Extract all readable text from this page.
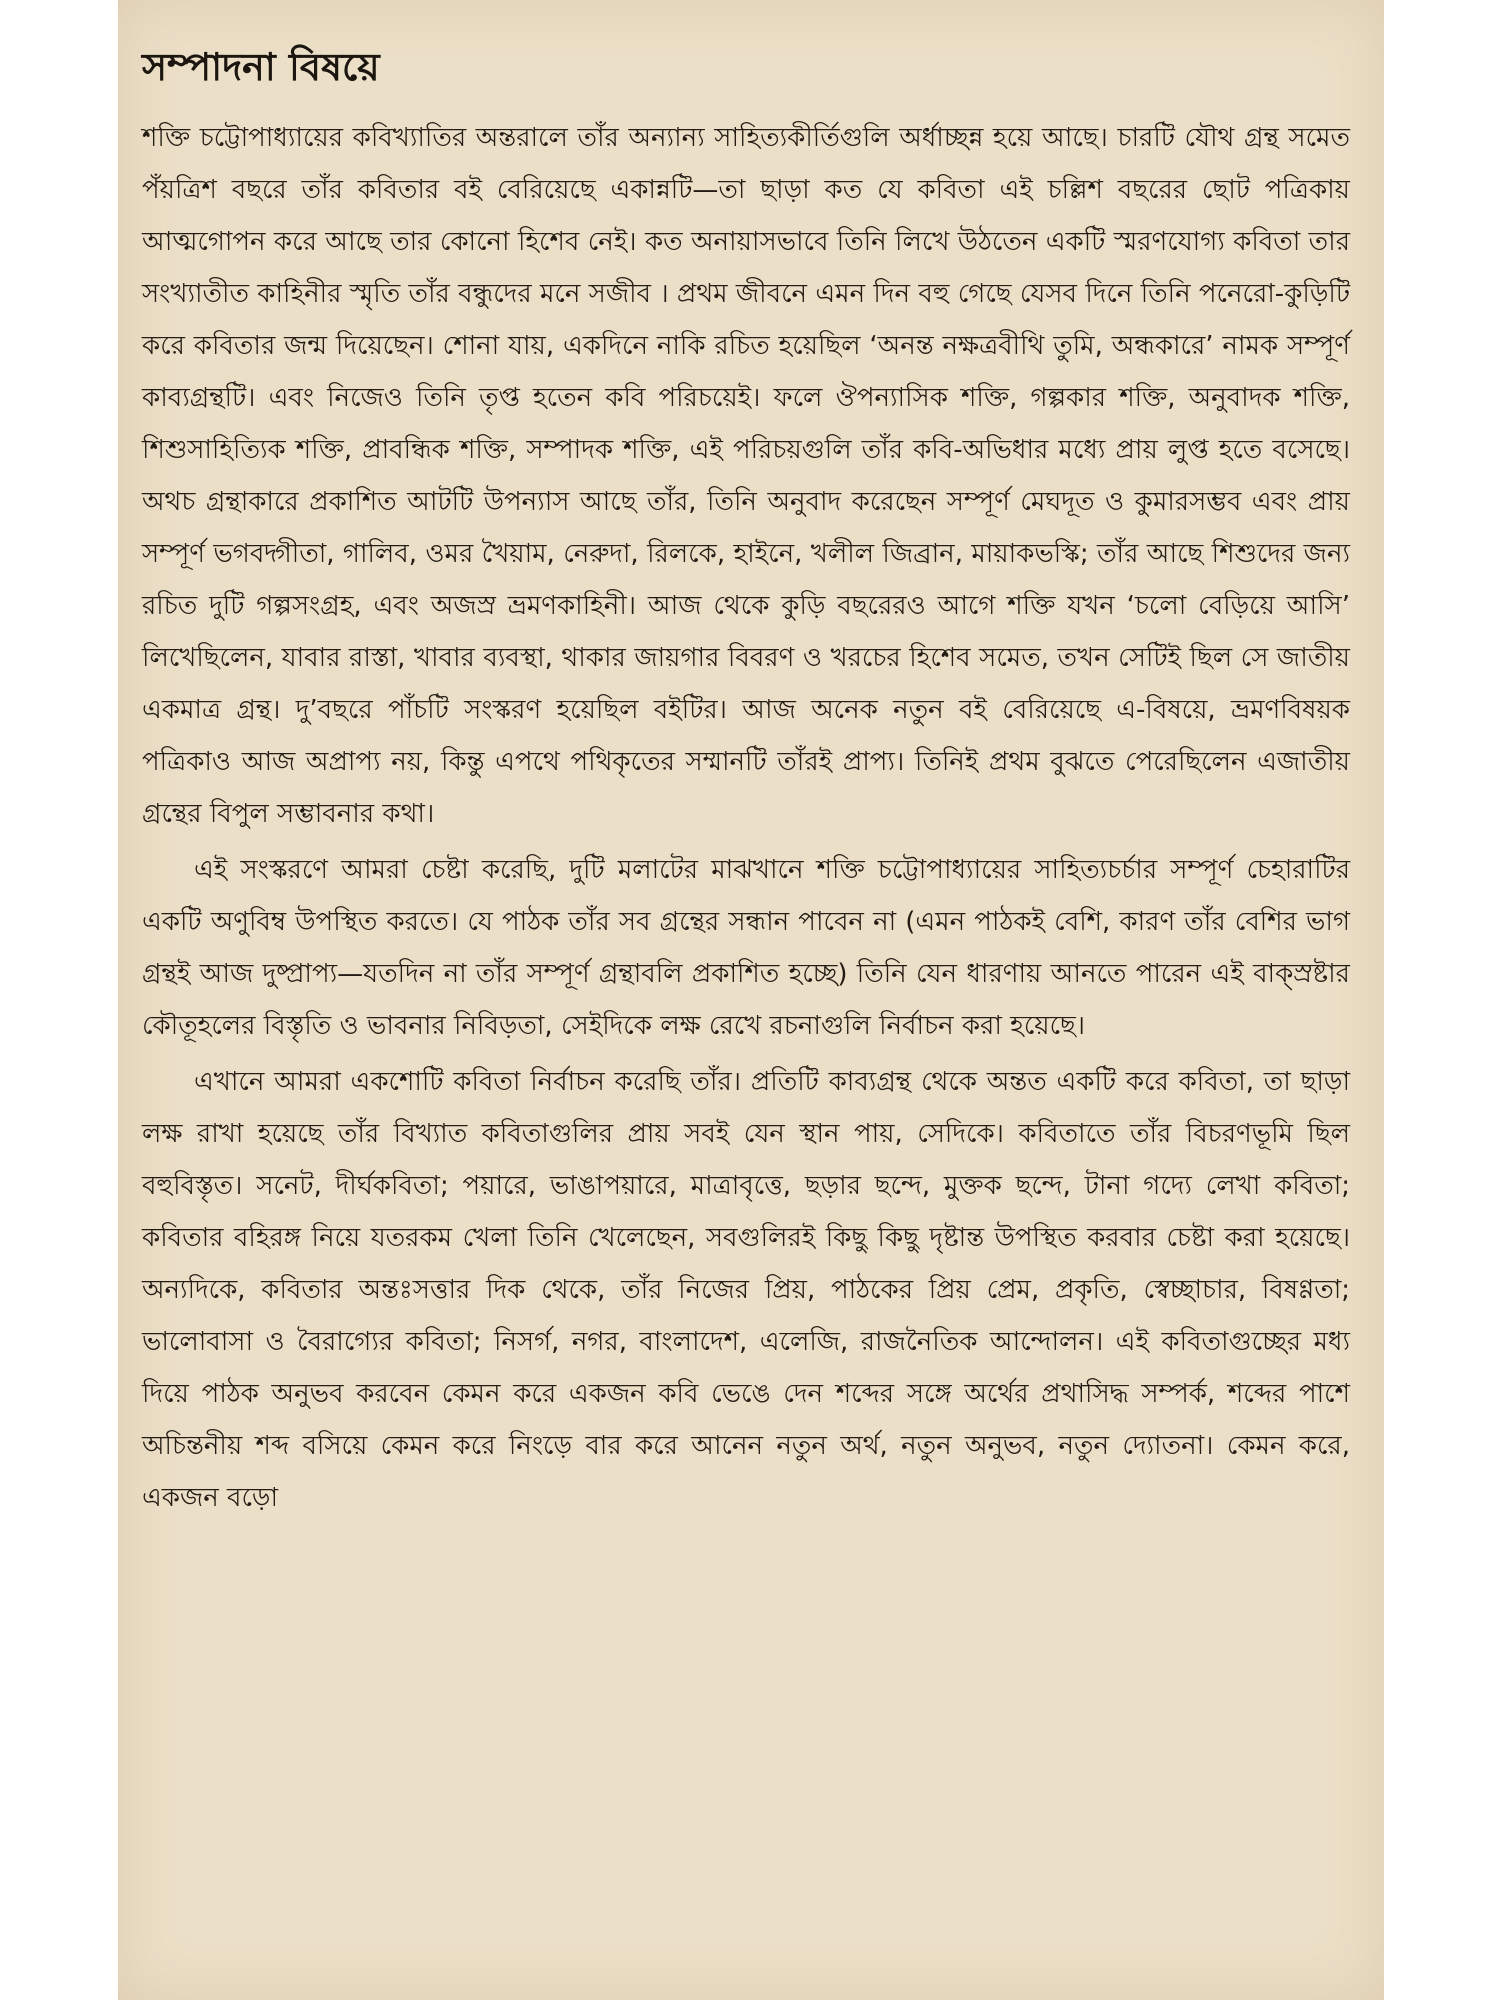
সম্পাদনা বিষয়ে

শক্তি চট্টোপাধ্যায়ের কবিখ্যাতির অন্তরালে তাঁর অন্যান্য সাহিত্যকীর্তিগুলি অর্ধাচ্ছন্ন হয়ে আছে। চারটি যৌথ গ্রন্থ সমেত পঁয়ত্রিশ বছরে তাঁর কবিতার বই বেরিয়েছে একান্নটি—তা ছাড়া কত যে কবিতা এই চল্লিশ বছরের ছোট পত্রিকায় আত্মগোপন করে আছে তার কোনো হিশেব নেই। কত অনায়াসভাবে তিনি লিখে উঠতেন একটি স্মরণযোগ্য কবিতা তার সংখ্যাতীত কাহিনীর স্মৃতি তাঁর বন্ধুদের মনে সজীব । প্রথম জীবনে এমন দিন বহু গেছে যেসব দিনে তিনি পনেরো-কুড়িটি করে কবিতার জন্ম দিয়েছেন। শোনা যায়, একদিনে নাকি রচিত হয়েছিল ‘অনন্ত নক্ষত্রবীথি তুমি, অন্ধকারে’ নামক সম্পূর্ণ কাব্যগ্রন্থটি। এবং নিজেও তিনি তৃপ্ত হতেন কবি পরিচয়েই। ফলে ঔপন্যাসিক শক্তি, গল্পকার শক্তি, অনুবাদক শক্তি, শিশুসাহিত্যিক শক্তি, প্রাবন্ধিক শক্তি, সম্পাদক শক্তি, এই পরিচয়গুলি তাঁর কবি-অভিধার মধ্যে প্রায় লুপ্ত হতে বসেছে। অথচ গ্রন্থাকারে প্রকাশিত আটটি উপন্যাস আছে তাঁর, তিনি অনুবাদ করেছেন সম্পূর্ণ মেঘদূত ও কুমারসম্ভব এবং প্রায় সম্পূর্ণ ভগবদ্গীতা, গালিব, ওমর খৈয়াম, নেরুদা, রিলকে, হাইনে, খলীল জিব্রান, মায়াকভস্কি; তাঁর আছে শিশুদের জন্য রচিত দুটি গল্পসংগ্রহ, এবং অজস্র ভ্রমণকাহিনী। আজ থেকে কুড়ি বছরেরও আগে শক্তি যখন ‘চলো বেড়িয়ে আসি’ লিখেছিলেন, যাবার রাস্তা, খাবার ব্যবস্থা, থাকার জায়গার বিবরণ ও খরচের হিশেব সমেত, তখন সেটিই ছিল সে জাতীয় একমাত্র গ্রন্থ। দু’বছরে পাঁচটি সংস্করণ হয়েছিল বইটির। আজ অনেক নতুন বই বেরিয়েছে এ-বিষয়ে, ভ্রমণবিষয়ক পত্রিকাও আজ অপ্রাপ্য নয়, কিন্তু এপথে পথিকৃতের সম্মানটি তাঁরই প্রাপ্য। তিনিই প্রথম বুঝতে পেরেছিলেন এজাতীয় গ্রন্থের বিপুল সম্ভাবনার কথা।

এই সংস্করণে আমরা চেষ্টা করেছি, দুটি মলাটের মাঝখানে শক্তি চট্টোপাধ্যায়ের সাহিত্যচর্চার সম্পূর্ণ চেহারাটির একটি অণুবিম্ব উপস্থিত করতে। যে পাঠক তাঁর সব গ্রন্থের সন্ধান পাবেন না (এমন পাঠকই বেশি, কারণ তাঁর বেশির ভাগ গ্রন্থই আজ দুষ্প্রাপ্য—যতদিন না তাঁর সম্পূর্ণ গ্রন্থাবলি প্রকাশিত হচ্ছে) তিনি যেন ধারণায় আনতে পারেন এই বাক্স্রষ্টার কৌতূহলের বিস্তৃতি ও ভাবনার নিবিড়তা, সেইদিকে লক্ষ রেখে রচনাগুলি নির্বাচন করা হয়েছে।

এখানে আমরা একশোটি কবিতা নির্বাচন করেছি তাঁর। প্রতিটি কাব্যগ্রন্থ থেকে অন্তত একটি করে কবিতা, তা ছাড়া লক্ষ রাখা হয়েছে তাঁর বিখ্যাত কবিতাগুলির প্রায় সবই যেন স্থান পায়, সেদিকে। কবিতাতে তাঁর বিচরণভূমি ছিল বহুবিস্তৃত। সনেট, দীর্ঘকবিতা; পয়ারে, ভাঙাপয়ারে, মাত্রাবৃত্তে, ছড়ার ছন্দে, মুক্তক ছন্দে, টানা গদ্যে লেখা কবিতা; কবিতার বহিরঙ্গ নিয়ে যতরকম খেলা তিনি খেলেছেন, সবগুলিরই কিছু কিছু দৃষ্টান্ত উপস্থিত করবার চেষ্টা করা হয়েছে। অন্যদিকে, কবিতার অন্তঃসত্তার দিক থেকে, তাঁর নিজের প্রিয়, পাঠকের প্রিয় প্রেম, প্রকৃতি, স্বেচ্ছাচার, বিষণ্ণতা; ভালোবাসা ও বৈরাগ্যের কবিতা; নিসর্গ, নগর, বাংলাদেশ, এলেজি, রাজনৈতিক আন্দোলন। এই কবিতাগুচ্ছের মধ্য দিয়ে পাঠক অনুভব করবেন কেমন করে একজন কবি ভেঙে দেন শব্দের সঙ্গে অর্থের প্রথাসিদ্ধ সম্পর্ক, শব্দের পাশে অচিন্তনীয় শব্দ বসিয়ে কেমন করে নিংড়ে বার করে আনেন নতুন অর্থ, নতুন অনুভব, নতুন দ্যোতনা। কেমন করে, একজন বড়ো
